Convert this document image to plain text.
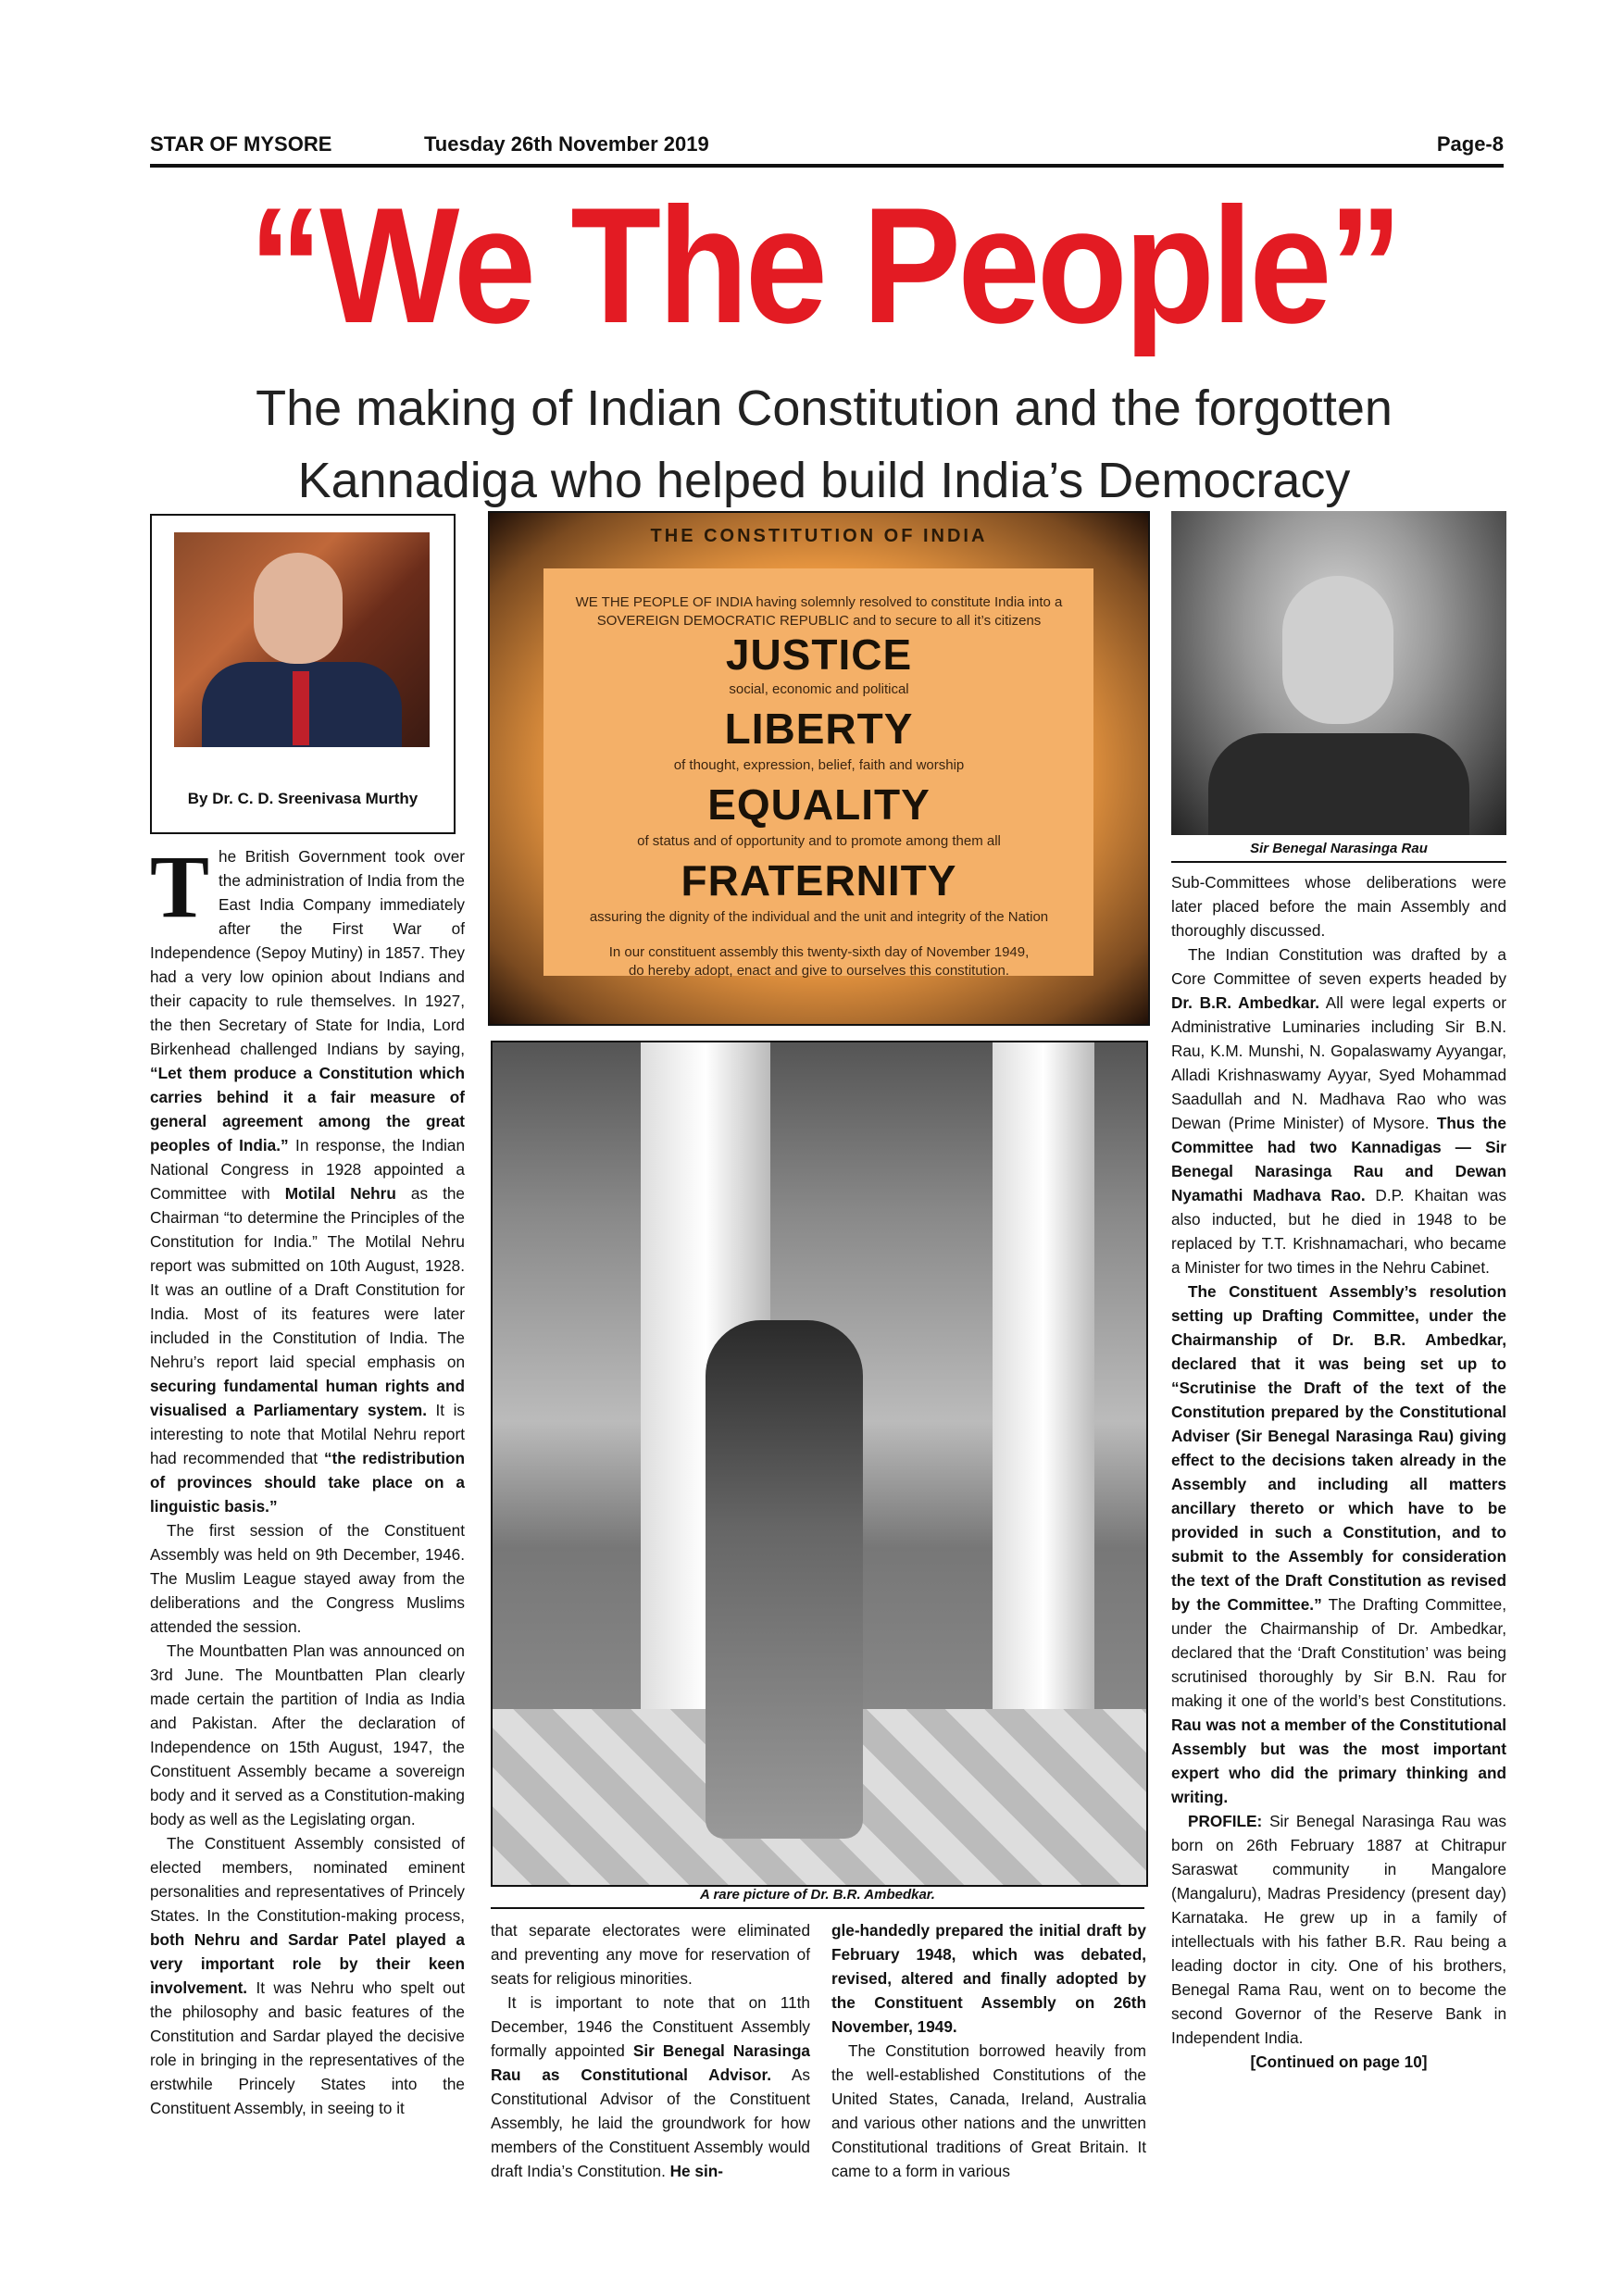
STAR OF MYSORE	Tuesday 26th November 2019	Page-8
“We The People”
The making of Indian Constitution and the forgotten
Kannadiga who helped build India’s Democracy
By Dr. C. D. Sreenivasa Murthy
THE CONSTITUTION OF INDIA
WE THE PEOPLE OF INDIA having solemnly resolved to constitute India into a
SOVEREIGN DEMOCRATIC REPUBLIC and to secure to all it’s citizens
JUSTICE
social, economic and political
LIBERTY
of thought, expression, belief, faith and worship
EQUALITY
of status and of opportunity and to promote among them all
FRATERNITY
assuring the dignity of the individual and the unit and integrity of the Nation
In our constituent assembly this twenty-sixth day of November 1949,
do hereby adopt, enact and give to ourselves this constitution.
A rare picture of Dr. B.R. Ambedkar.
Sir Benegal Narasinga Rau

The British Government took over the administration of India from the East India Company immediately after the First War of Independence (Sepoy Mutiny) in 1857. They had a very low opinion about Indians and their capacity to rule themselves. In 1927, the then Secretary of State for India, Lord Birkenhead challenged Indians by saying, “Let them produce a Constitution which carries behind it a fair measure of general agreement among the great peoples of India.” In response, the Indian National Congress in 1928 appointed a Committee with Motilal Nehru as the Chairman “to determine the Principles of the Constitution for India.” The Motilal Nehru report was submitted on 10th August, 1928. It was an outline of a Draft Constitution for India. Most of its features were later included in the Constitution of India. The Nehru’s report laid special emphasis on securing fundamental human rights and visualised a Parliamentary system. It is interesting to note that Motilal Nehru report had recommended that “the redistribution of provinces should take place on a linguistic basis.”

The first session of the Constituent Assembly was held on 9th December, 1946. The Muslim League stayed away from the deliberations and the Congress Muslims attended the session.

The Mountbatten Plan was announced on 3rd June. The Mountbatten Plan clearly made certain the partition of India as India and Pakistan. After the declaration of Independence on 15th August, 1947, the Constituent Assembly became a sovereign body and it served as a Constitution-making body as well as the Legislating organ.

The Constituent Assembly consisted of elected members, nominated eminent personalities and representatives of Princely States. In the Constitution-making process, both Nehru and Sardar Patel played a very important role by their keen involvement. It was Nehru who spelt out the philosophy and basic features of the Constitution and Sardar played the decisive role in bringing in the representatives of the erstwhile Princely States into the Constituent Assembly, in seeing to it

that separate electorates were eliminated and preventing any move for reservation of seats for religious minorities.

It is important to note that on 11th December, 1946 the Constituent Assembly formally appointed Sir Benegal Narasinga Rau as Constitutional Advisor. As Constitutional Advisor of the Constituent Assembly, he laid the groundwork for how members of the Constituent Assembly would draft India’s Constitution. He sin-

gle-handedly prepared the initial draft by February 1948, which was debated, revised, altered and finally adopted by the Constituent Assembly on 26th November, 1949.

The Constitution borrowed heavily from the well-established Constitutions of the United States, Canada, Ireland, Australia and various other nations and the unwritten Constitutional traditions of Great Britain. It came to a form in various

Sub-Committees whose deliberations were later placed before the main Assembly and thoroughly discussed.

The Indian Constitution was drafted by a Core Committee of seven experts headed by Dr. B.R. Ambedkar. All were legal experts or Administrative Luminaries including Sir B.N. Rau, K.M. Munshi, N. Gopalaswamy Ayyangar, Alladi Krishnaswamy Ayyar, Syed Mohammad Saadullah and N. Madhava Rao who was Dewan (Prime Minister) of Mysore. Thus the Committee had two Kannadigas — Sir Benegal Narasinga Rau and Dewan Nyamathi Madhava Rao. D.P. Khaitan was also inducted, but he died in 1948 to be replaced by T.T. Krishnamachari, who became a Minister for two times in the Nehru Cabinet.

The Constituent Assembly’s resolution setting up Drafting Committee, under the Chairmanship of Dr. B.R. Ambedkar, declared that it was being set up to “Scrutinise the Draft of the text of the Constitution prepared by the Constitutional Adviser (Sir Benegal Narasinga Rau) giving effect to the decisions taken already in the Assembly and including all matters ancillary thereto or which have to be provided in such a Constitution, and to submit to the Assembly for consideration the text of the Draft Constitution as revised by the Committee.” The Drafting Committee, under the Chairmanship of Dr. Ambedkar, declared that the ‘Draft Constitution’ was being scrutinised thoroughly by Sir B.N. Rau for making it one of the world’s best Constitutions. Rau was not a member of the Constitutional Assembly but was the most important expert who did the primary thinking and writing.

PROFILE: Sir Benegal Narasinga Rau was born on 26th February 1887 at Chitrapur Saraswat community in Mangalore (Mangaluru), Madras Presidency (present day) Karnataka. He grew up in a family of intellectuals with his father B.R. Rau being a leading doctor in city. One of his brothers, Benegal Rama Rau, went on to become the second Governor of the Reserve Bank in Independent India.

[Continued on page 10]
